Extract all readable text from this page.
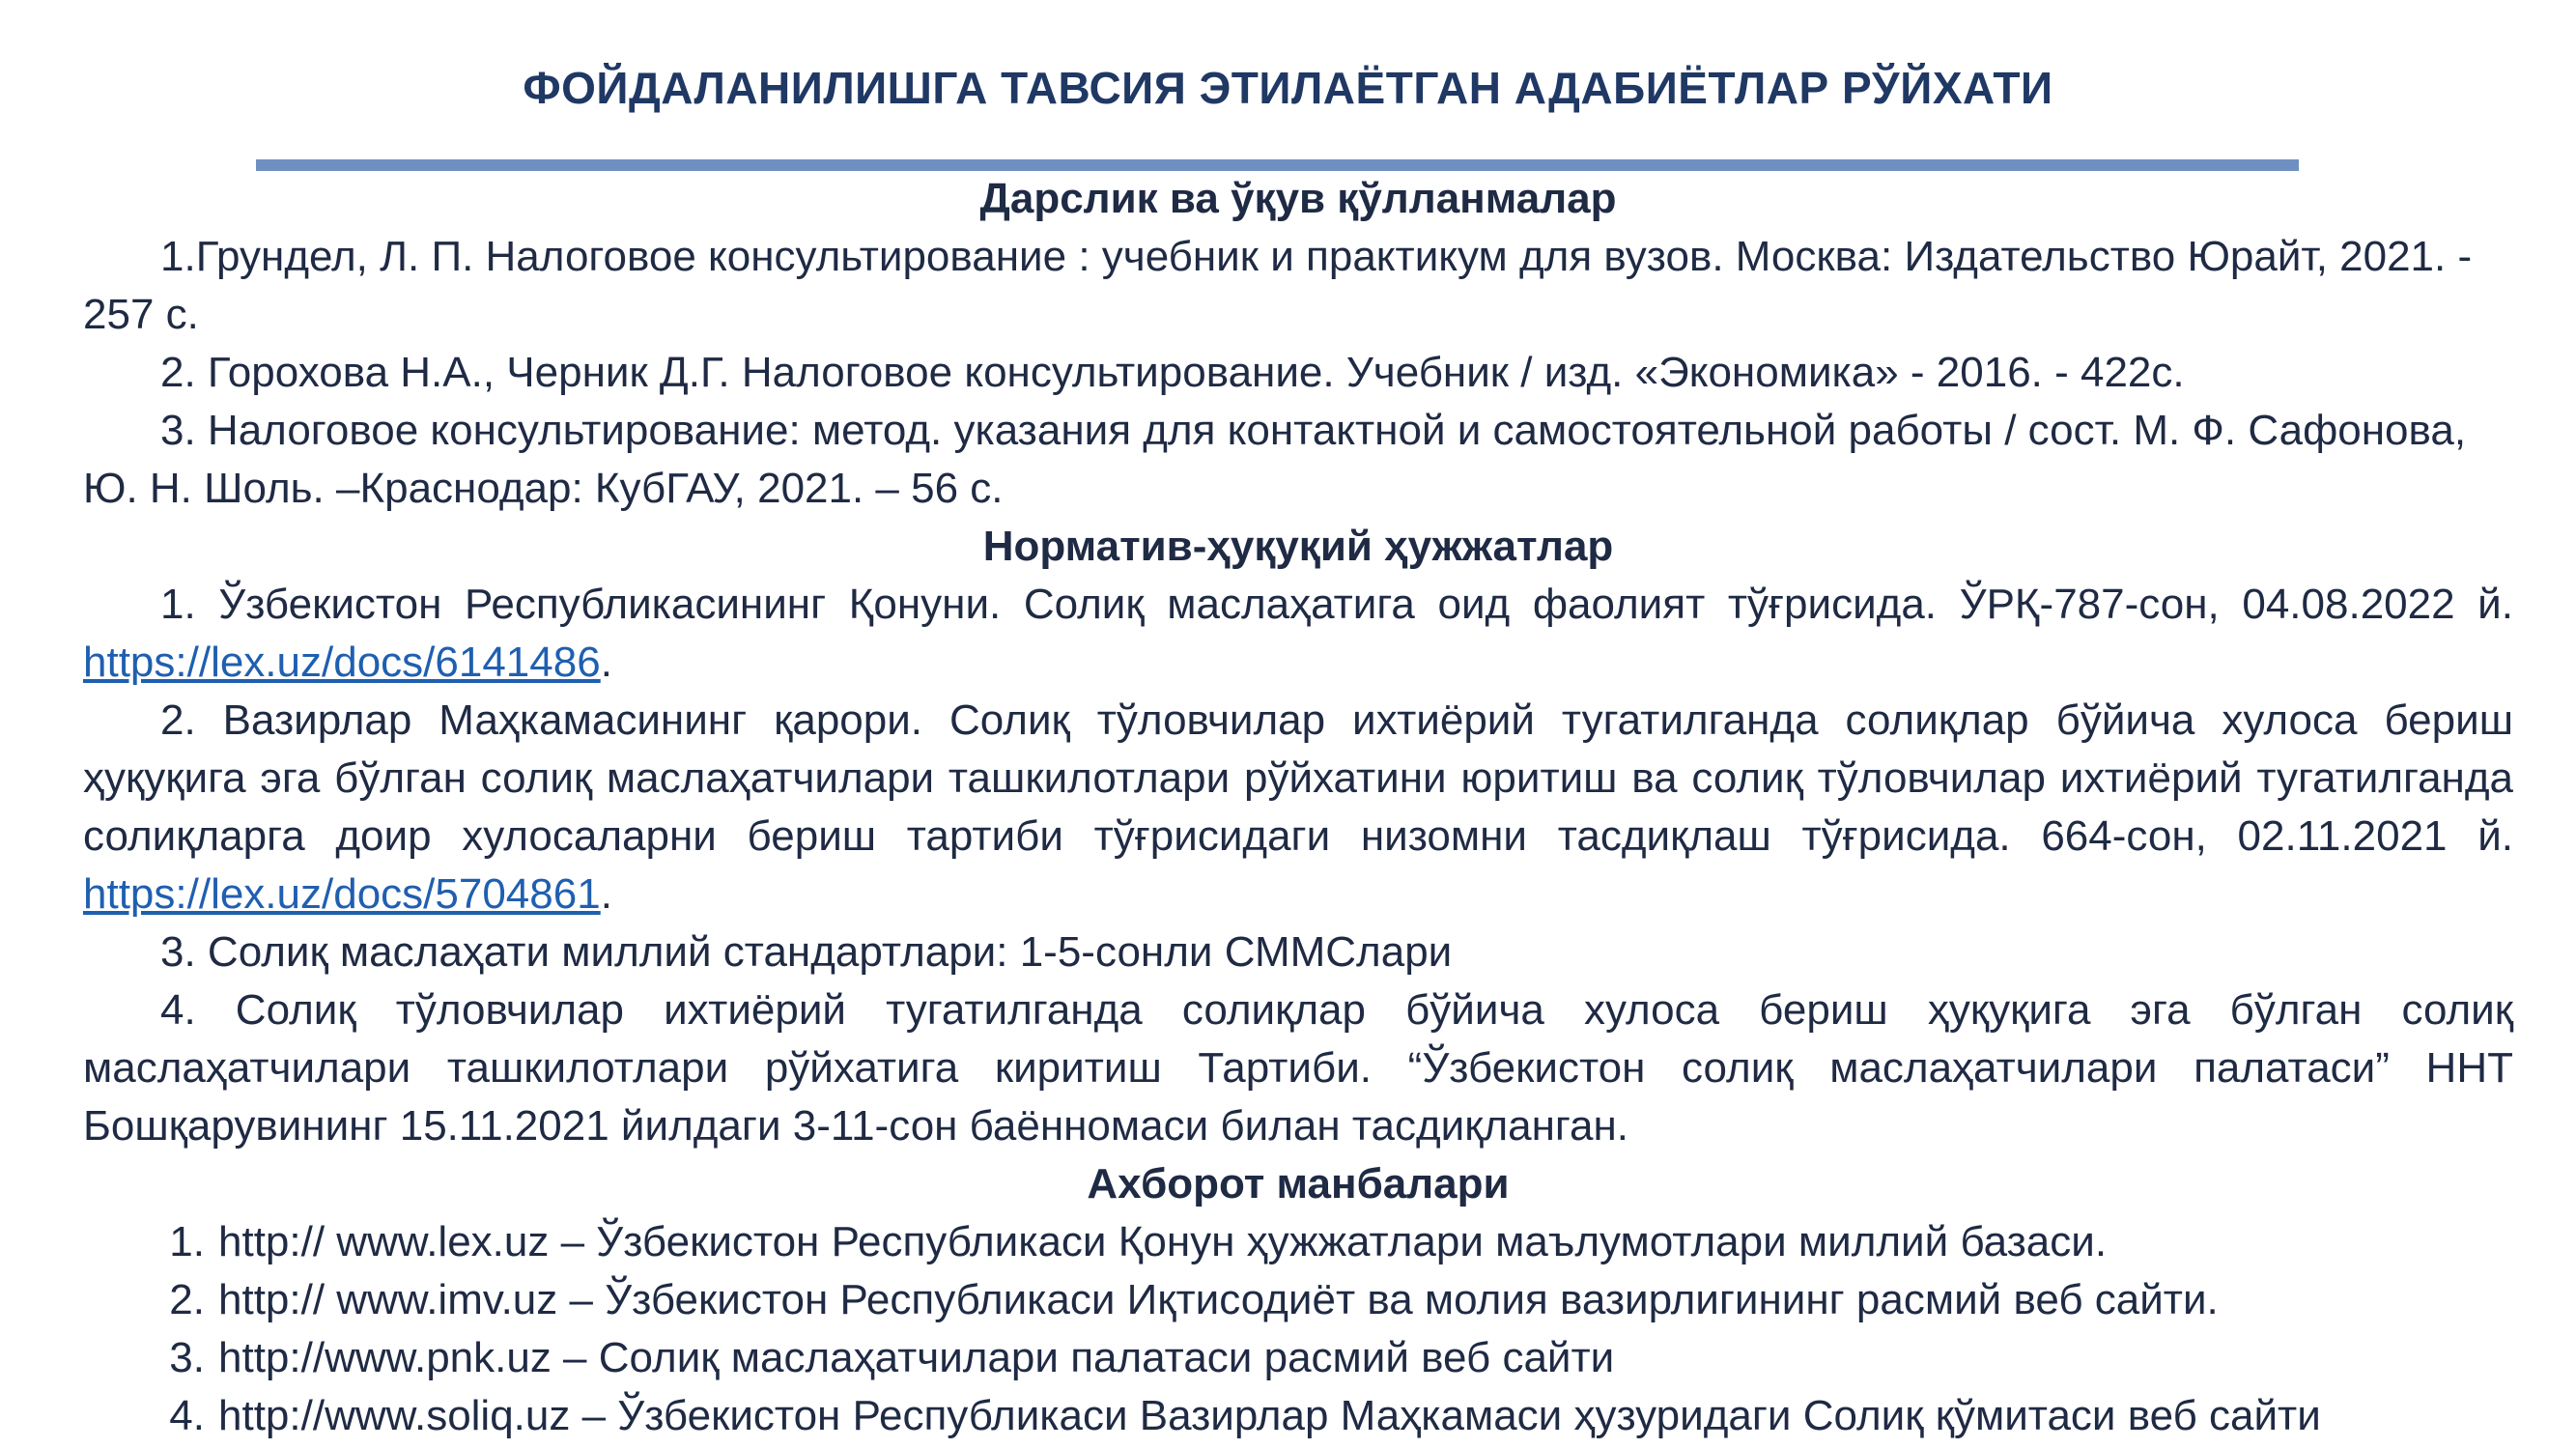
ФОЙДАЛАНИЛИШГА ТАВСИЯ ЭТИЛАЁТГАН АДАБИЁТЛАР РЎЙХАТИ

Дарслик ва ўқув қўлланмалар

1.Грундел, Л. П. Налоговое консультирование : учебник и практикум для вузов. Москва: Издательство Юрайт, 2021. - 257 с.

2. Горохова Н.А., Черник Д.Г. Налоговое консультирование. Учебник / изд. «Экономика» - 2016. - 422с.

3. Налоговое консультирование: метод. указания для контактной и самостоятельной работы / сост. М. Ф. Сафонова, Ю. Н. Шоль. –Краснодар: КубГАУ, 2021. – 56 с.

Норматив-ҳуқуқий ҳужжатлар

1. Ўзбекистон Республикасининг Қонуни. Солиқ маслаҳатига оид фаолият тўғрисида. ЎРҚ-787-сон, 04.08.2022 й. https://lex.uz/docs/6141486.

2. Вазирлар Маҳкамасининг қарори. Солиқ тўловчилар ихтиёрий тугатилганда солиқлар бўйича хулоса бериш ҳуқуқига эга бўлган солиқ маслаҳатчилари ташкилотлари рўйхатини юритиш ва солиқ тўловчилар ихтиёрий тугатилганда солиқларга доир хулосаларни бериш тартиби тўғрисидаги низомни тасдиқлаш тўғрисида. 664-сон, 02.11.2021 й. https://lex.uz/docs/5704861.

3. Солиқ маслаҳати миллий стандартлари: 1-5-сонли СММСлари

4. Солиқ тўловчилар ихтиёрий тугатилганда солиқлар бўйича хулоса бериш ҳуқуқига эга бўлган солиқ маслаҳатчилари ташкилотлари рўйхатига киритиш Тартиби. “Ўзбекистон солиқ маслаҳатчилари палатаси” ННТ Бошқарувининг 15.11.2021 йилдаги 3-11-сон баённомаси билан тасдиқланган.

Ахборот манбалари

1. http:// www.lex.uz – Ўзбекистон Республикаси Қонун ҳужжатлари маълумотлари миллий базаси.
2. http:// www.imv.uz – Ўзбекистон Республикаси Иқтисодиёт ва молия вазирлигининг расмий веб сайти.
3. http://www.pnk.uz – Солиқ маслаҳатчилари палатаси расмий веб сайти
4. http://www.soliq.uz – Ўзбекистон Республикаси Вазирлар Маҳкамаси ҳузуридаги Солиқ қўмитаси веб сайти
